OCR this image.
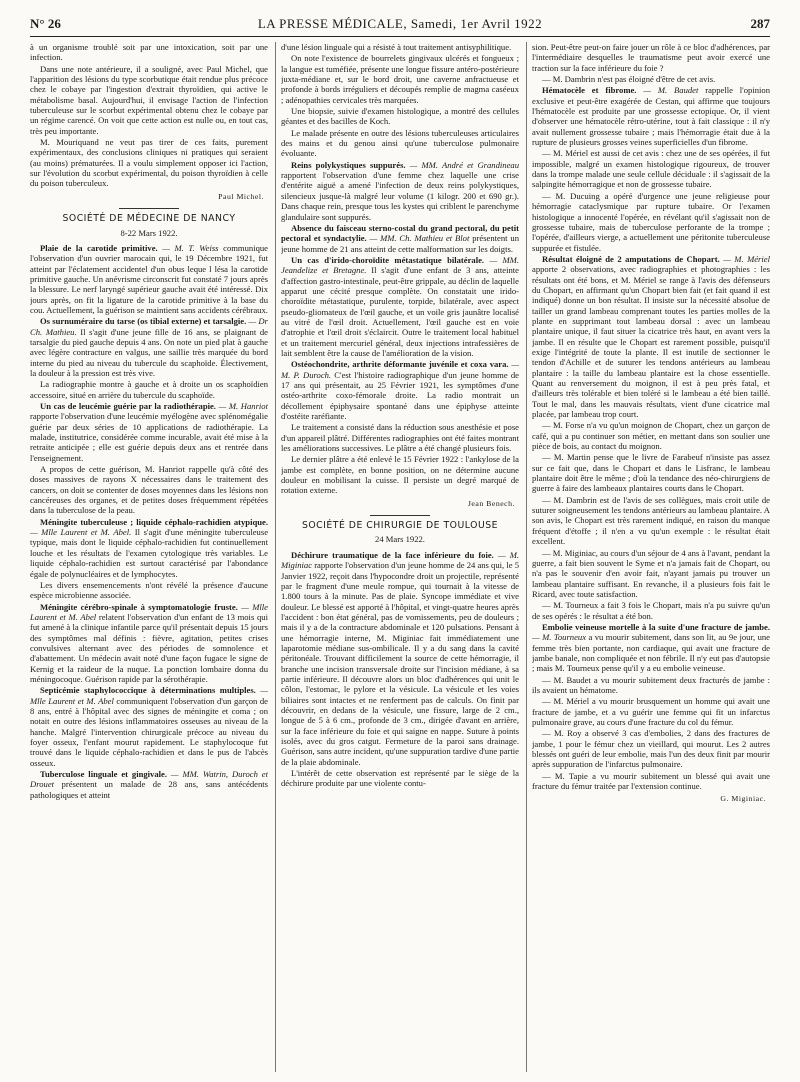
N° 26	LA PRESSE MÉDICALE, Samedi, 1er Avril 1922	287

à un organisme troublé soit par une intoxication, soit par une infection.

Dans une note antérieure, il a souligné, avec Paul Michel, que l'apparition des lésions du type scorbutique était rendue plus précoce chez le cobaye par l'ingestion d'extrait thyroïdien, qui active le métabolisme basal. Aujourd'hui, il envisage l'action de l'infection tuberculeuse sur le scorbut expérimental obtenu chez le cobaye par un régime carencé. On voit que cette action est nulle ou, en tout cas, très peu importante.

M. Mouriquand ne veut pas tirer de ces faits, purement expérimentaux, des conclusions cliniques ni pratiques qui seraient (au moins) prématurées. Il a voulu simplement opposer ici l'action, sur l'évolution du scorbut expérimental, du poison thyroïdien à celle du poison tuberculeux.

Paul Michel.
SOCIÉTÉ DE MÉDECINE DE NANCY
8-22 Mars 1922.

Plaie de la carotide primitive. — M. T. Weiss communique l'observation d'un ouvrier marocain qui, le 19 Décembre 1921, fut atteint par l'éclatement accidentel d'un obus leque l lésa la carotide primitive gauche. Un anévrisme circonscrit fut constaté 7 jours après la blessure. Le nerf laryngé supérieur gauche avait été intéressé. Dix jours après, on fit la ligature de la carotide primitive à la base du cou. Actuellement, la guérison se maintient sans accidents cérébraux.

Os surnuméraire du tarse (os tibial externe) et tarsalgie. — Dr Ch. Mathieu. Il s'agit d'une jeune fille de 16 ans, se plaignant de tarsalgie du pied gauche depuis 4 ans. On note un pied plat à gauche avec légère contracture en valgus, une saillie très marquée du bord interne du pied au niveau du tubercule du scaphoïde. Électivement, la douleur à la pression est très vive.

La radiographie montre à gauche et à droite un os scaphoïdien accessoire, situé en arrière du tubercule du scaphoïde.

Un cas de leucémie guérie par la radiothérapie. — M. Hanriot rapporte l'observation d'une leucémie myélogène avec splénomégalie guérie par deux séries de 10 applications de radiothérapie. La malade, institutrice, considérée comme incurable, avait été mise à la retraite anticipée ; elle est guérie depuis deux ans et rentrée dans l'enseignement.

A propos de cette guérison, M. Hanriot rappelle qu'à côté des doses massives de rayons X nécessaires dans le traitement des cancers, on doit se contenter de doses moyennes dans les lésions non cancéreuses des organes, et de petites doses fréquemment répétées dans la tuberculose de la peau.

Méningite tuberculeuse ; liquide céphalo-rachidien atypique. — Mlle Laurent et M. Abel. Il s'agit d'une méningite tuberculeuse typique, mais dont le liquide céphalo-rachidien fut continuellement louche et les résultats de l'examen cytologique très variables. Le liquide céphalo-rachidien est surtout caractérisé par l'abondance égale de polynucléaires et de lymphocytes.

Les divers ensemencements n'ont révélé la présence d'aucune espèce microbienne associée.

Méningite cérébro-spinale à symptomatologie fruste. — Mlle Laurent et M. Abel relatent l'observation d'un enfant de 13 mois qui fut amené à la clinique infantile parce qu'il présentait depuis 15 jours des symptômes mal définis : fièvre, agitation, petites crises convulsives alternant avec des périodes de somnolence et d'abattement. Un médecin avait noté d'une façon fugace le signe de Kernig et la raideur de la nuque. La ponction lombaire donna du méningocoque. Guérison rapide par la sérothérapie.

Septicémie staphylococcique à déterminations multiples. — Mlle Laurent et M. Abel communiquent l'observation d'un garçon de 8 ans, entré à l'hôpital avec des signes de méningite et coma ; on notait en outre des lésions inflammatoires osseuses au niveau de la hanche. Malgré l'intervention chirurgicale précoce au niveau du foyer osseux, l'enfant mourut rapidement. Le staphylocoque fut trouvé dans le liquide céphalo-rachidien et dans le pus de l'abcès osseux.

Tuberculose linguale et gingivale. — MM. Watrin, Duroch et Drouet présentent un malade de 28 ans, sans antécédents pathologiques et atteint

d'une lésion linguale qui a résisté à tout traitement antisyphilitique.

On note l'existence de bourrelets gingivaux ulcérés et fongueux ; la langue est tuméfiée, présente une longue fissure antéro-postérieure juxta-médiane et, sur le bord droit, une caverne anfractueuse et profonde à bords irréguliers et découpés remplie de magma caséeux ; adénopathies cervicales très marquées.

Une biopsie, suivie d'examen histologique, a montré des cellules géantes et des bacilles de Koch.

Le malade présente en outre des lésions tuberculeuses articulaires des mains et du genou ainsi qu'une tuberculose pulmonaire évoluante.

Reins polykystiques suppurés. — MM. André et Grandineau rapportent l'observation d'une femme chez laquelle une crise d'entérite aiguë a amené l'infection de deux reins polykystiques, silencieux jusque-là malgré leur volume (1 kilogr. 200 et 690 gr.). Dans chaque rein, presque tous les kystes qui criblent le parenchyme glandulaire sont suppurés.

Absence du faisceau sterno-costal du grand pectoral, du petit pectoral et syndactylie. — MM. Ch. Mathieu et Blot présentent un jeune homme de 21 ans atteint de cette malformation sur les doigts.

Un cas d'irido-choroïdite métastatique bilatérale. — MM. Jeandelize et Bretagne. Il s'agit d'une enfant de 3 ans, atteinte d'affection gastro-intestinale, peut-être grippale, au déclin de laquelle apparut une cécité presque complète. On constatait une irido-choroïdite métastatique, purulente, torpide, bilatérale, avec aspect pseudo-gliomateux de l'œil gauche, et un voile gris jaunâtre localisé au vitré de l'œil droit. Actuellement, l'œil gauche est en voie d'atrophie et l'œil droit s'éclaircit. Outre le traitement local habituel et un traitement mercuriel général, deux injections intrafessières de lait semblent être la cause de l'amélioration de la vision.

Ostéochondrite, arthrite déformante juvénile et coxa vara. — M. P. Duroch. C'est l'histoire radiographique d'un jeune homme de 17 ans qui présentait, au 25 Février 1921, les symptômes d'une ostéo-arthrite coxo-fémorale droite. La radio montrait un décollement épiphysaire spontané dans une épiphyse atteinte d'ostéite raréfiante.

Le traitement a consisté dans la réduction sous anesthésie et pose d'un appareil plâtré. Différentes radiographies ont été faites montrant les améliorations successives. Le plâtre a été changé plusieurs fois.

Le dernier plâtre a été enlevé le 15 Février 1922 : l'ankylose de la jambe est complète, en bonne position, on ne détermine aucune douleur en mobilisant la cuisse. Il persiste un degré marqué de rotation externe.

Jean Benech.
SOCIÉTÉ DE CHIRURGIE DE TOULOUSE
24 Mars 1922.

Déchirure traumatique de la face inférieure du foie. — M. Miginiac rapporte l'observation d'un jeune homme de 24 ans qui, le 5 Janvier 1922, reçoit dans l'hypocondre droit un projectile, représenté par le fragment d'une meule rompue, qui tournait à la vitesse de 1.800 tours à la minute. Pas de plaie. Syncope immédiate et vive douleur. Le blessé est apporté à l'hôpital, et vingt-quatre heures après l'accident : bon état général, pas de vomissements, peu de douleurs ; mais il y a de la contracture abdominale et 120 pulsations. Pensant à une hémorragie interne, M. Miginiac fait immédiatement une laparotomie médiane sus-ombilicale. Il y a du sang dans la cavité péritonéale. Trouvant difficilement la source de cette hémorragie, il branche une incision transversale droite sur l'incision médiane, à sa partie inférieure. Il découvre alors un bloc d'adhérences qui unit le côlon, l'estomac, le pylore et la vésicule. La vésicule et les voies biliaires sont intactes et ne renferment pas de calculs. On finit par découvrir, en dedans de la vésicule, une fissure, large de 2 cm., longue de 5 à 6 cm., profonde de 3 cm., dirigée d'avant en arrière, sur la face inférieure du foie et qui saigne en nappe. Suture à points isolés, avec du gros catgut. Fermeture de la paroi sans drainage. Guérison, sans autre incident, qu'une suppuration tardive d'une partie de la plaie abdominale.

L'intérêt de cette observation est représenté par le siège de la déchirure produite par une violente contu-

sion. Peut-être peut-on faire jouer un rôle à ce bloc d'adhérences, par l'intermédiaire desquelles le traumatisme peut avoir exercé une traction sur la face inférieure du foie ?

— M. Dambrin n'est pas éloigné d'être de cet avis.

Hématocèle et fibrome. — M. Baudet rappelle l'opinion exclusive et peut-être exagérée de Cestan, qui affirme que toujours l'hématocèle est produite par une grossesse ectopique. Or, il vient d'observer une hématocèle rétro-utérine, tout à fait classique : il n'y avait nullement grossesse tubaire ; mais l'hémorragie était due à la rupture de plusieurs grosses veines superficielles d'un fibrome.

— M. Mériel est aussi de cet avis : chez une de ses opérées, il fut impossible, malgré un examen histologique rigoureux, de trouver dans la trompe malade une seule cellule déciduale : il s'agissait de la salpingite hémorragique et non de grossesse tubaire.

— M. Ducuing a opéré d'urgence une jeune religieuse pour hémorragie cataclysmique par rupture tubaire. Or l'examen histologique a innocenté l'opérée, en révélant qu'il s'agissait non de grossesse tubaire, mais de tuberculose perforante de la trompe ; l'opérée, d'ailleurs vierge, a actuellement une péritonite tuberculeuse suppurée et fistulée.

Résultat éloigné de 2 amputations de Chopart. — M. Mériel apporte 2 observations, avec radiographies et photographies : les résultats ont été bons, et M. Mériel se range à l'avis des défenseurs du Chopart, en affirmant qu'un Chopart bien fait (et fait quand il est indiqué) donne un bon résultat. Il insiste sur la nécessité absolue de tailler un grand lambeau comprenant toutes les parties molles de la plante en supprimant tout lambeau dorsal : avec un lambeau plantaire unique, il faut situer la cicatrice très haut, en avant vers la jambe. Il en résulte que le Chopart est rarement possible, puisqu'il exige l'intégrité de toute la plante. Il est inutile de sectionner le tendon d'Achille et de suturer les tendons antérieurs au lambeau plantaire : la taille du lambeau plantaire est la chose essentielle. Quant au renversement du moignon, il est à peu près fatal, et d'ailleurs très tolérable et bien toléré si le lambeau a été bien taillé. Tout le mal, dans les mauvais résultats, vient d'une cicatrice mal placée, par lambeau trop court.

— M. Forse n'a vu qu'un moignon de Chopart, chez un garçon de café, qui a pu continuer son métier, en mettant dans son soulier une pièce de bois, au contact du moignon.

— M. Martin pense que le livre de Farabeuf n'insiste pas assez sur ce fait que, dans le Chopart et dans le Lisfranc, le lambeau plantaire doit être le même ; d'où la tendance des néo-chirurgiens de guerre à faire des lambeaux plantaires courts dans le Chopart.

— M. Dambrin est de l'avis de ses collègues, mais croit utile de suturer soigneusement les tendons antérieurs au lambeau plantaire. A son avis, le Chopart est très rarement indiqué, en raison du manque fréquent d'étoffe ; il n'en a vu qu'un exemple : le résultat était excellent.

— M. Miginiac, au cours d'un séjour de 4 ans à l'avant, pendant la guerre, a fait bien souvent le Syme et n'a jamais fait de Chopart, ou n'a pas le souvenir d'en avoir fait, n'ayant jamais pu trouver un lambeau plantaire suffisant. En revanche, il a plusieurs fois fait le Ricard, avec toute satisfaction.

— M. Tourneux a fait 3 fois le Chopart, mais n'a pu suivre qu'un de ses opérés : le résultat a été bon.

Embolie veineuse mortelle à la suite d'une fracture de jambe. — M. Tourneux a vu mourir subitement, dans son lit, au 9e jour, une femme très bien portante, non cardiaque, qui avait une fracture de jambe banale, non compliquée et non fébrile. Il n'y eut pas d'autopsie ; mais M. Tourneux pense qu'il y a eu embolie veineuse.

— M. Baudet a vu mourir subitement deux fracturés de jambe : ils avaient un hématome.

— M. Mériel a vu mourir brusquement un homme qui avait une fracture de jambe, et a vu guérir une femme qui fit un infarctus pulmonaire grave, au cours d'une fracture du col du fémur.

— M. Roy a observé 3 cas d'embolies, 2 dans des fractures de jambe, 1 pour le fémur chez un vieillard, qui mourut. Les 2 autres blessés ont guéri de leur embolie, mais l'un des deux finit par mourir après suppuration de l'infarctus pulmonaire.

— M. Tapie a vu mourir subitement un blessé qui avait une fracture du fémur traitée par l'extension continue.

G. Miginiac.
